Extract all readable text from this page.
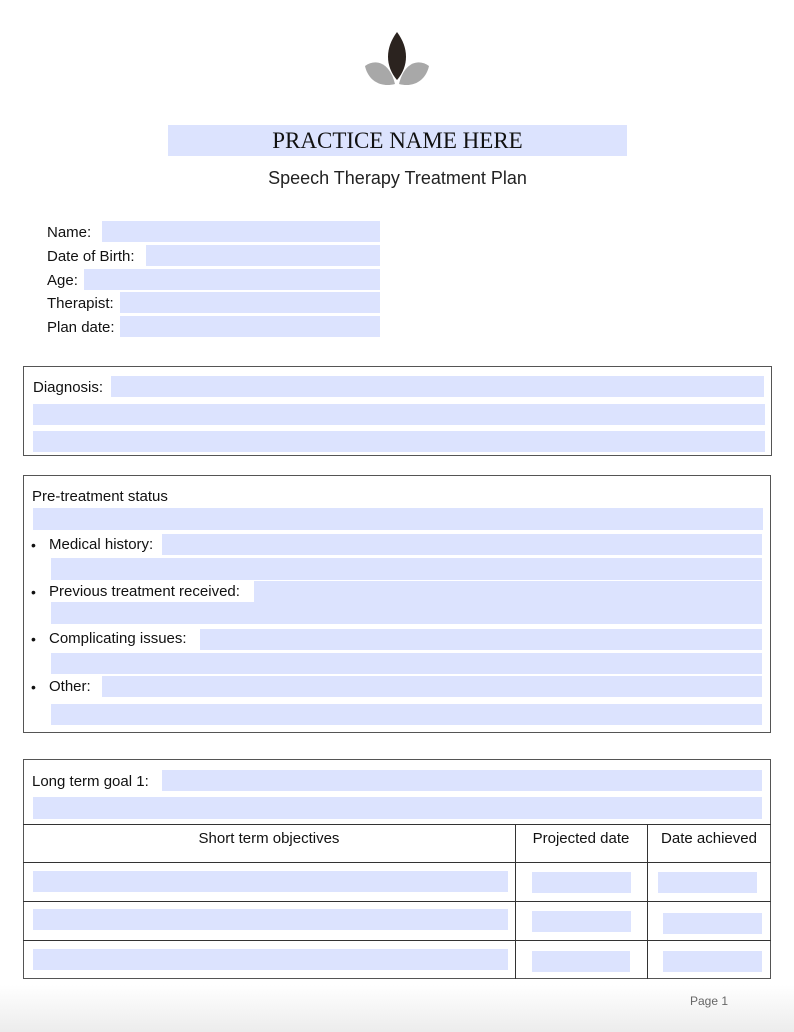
PRACTICE NAME HERE
Speech Therapy Treatment Plan
Name:
Date of Birth:
Age:
Therapist:
Plan date:
Diagnosis:
Pre-treatment status
• Medical history:
• Previous treatment received:
• Complicating issues:
• Other:
Long term goal 1:
Short term objectives	Projected date	Date achieved
Page 1
